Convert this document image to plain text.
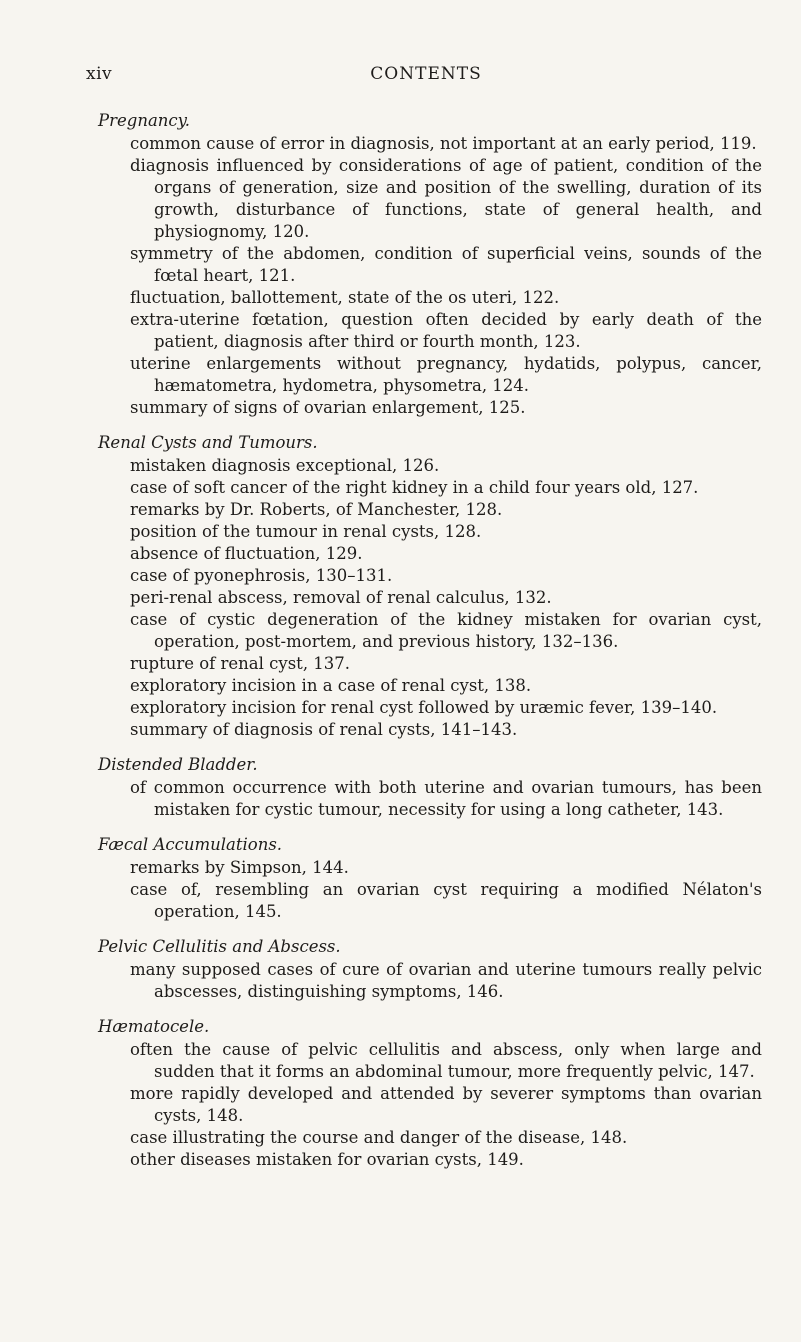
xiv	CONTENTS
Pregnancy.
common cause of error in diagnosis, not important at an early period, 119.
diagnosis influenced by considerations of age of patient, condition of the organs of generation, size and position of the swelling, duration of its growth, disturbance of functions, state of general health, and physiognomy, 120.
symmetry of the abdomen, condition of superficial veins, sounds of the fœtal heart, 121.
fluctuation, ballottement, state of the os uteri, 122.
extra-uterine fœtation, question often decided by early death of the patient, diagnosis after third or fourth month, 123.
uterine enlargements without pregnancy, hydatids, polypus, cancer, hæmatometra, hydometra, physometra, 124.
summary of signs of ovarian enlargement, 125.
Renal Cysts and Tumours.
mistaken diagnosis exceptional, 126.
case of soft cancer of the right kidney in a child four years old, 127.
remarks by Dr. Roberts, of Manchester, 128.
position of the tumour in renal cysts, 128.
absence of fluctuation, 129.
case of pyonephrosis, 130–131.
peri-renal abscess, removal of renal calculus, 132.
case of cystic degeneration of the kidney mistaken for ovarian cyst, operation, post-mortem, and previous history, 132–136.
rupture of renal cyst, 137.
exploratory incision in a case of renal cyst, 138.
exploratory incision for renal cyst followed by uræmic fever, 139–140.
summary of diagnosis of renal cysts, 141–143.
Distended Bladder.
of common occurrence with both uterine and ovarian tumours, has been mistaken for cystic tumour, necessity for using a long catheter, 143.
Fæcal Accumulations.
remarks by Simpson, 144.
case of, resembling an ovarian cyst requiring a modified Nélaton's operation, 145.
Pelvic Cellulitis and Abscess.
many supposed cases of cure of ovarian and uterine tumours really pelvic abscesses, distinguishing symptoms, 146.
Hæmatocele.
often the cause of pelvic cellulitis and abscess, only when large and sudden that it forms an abdominal tumour, more frequently pelvic, 147.
more rapidly developed and attended by severer symptoms than ovarian cysts, 148.
case illustrating the course and danger of the disease, 148.
other diseases mistaken for ovarian cysts, 149.
